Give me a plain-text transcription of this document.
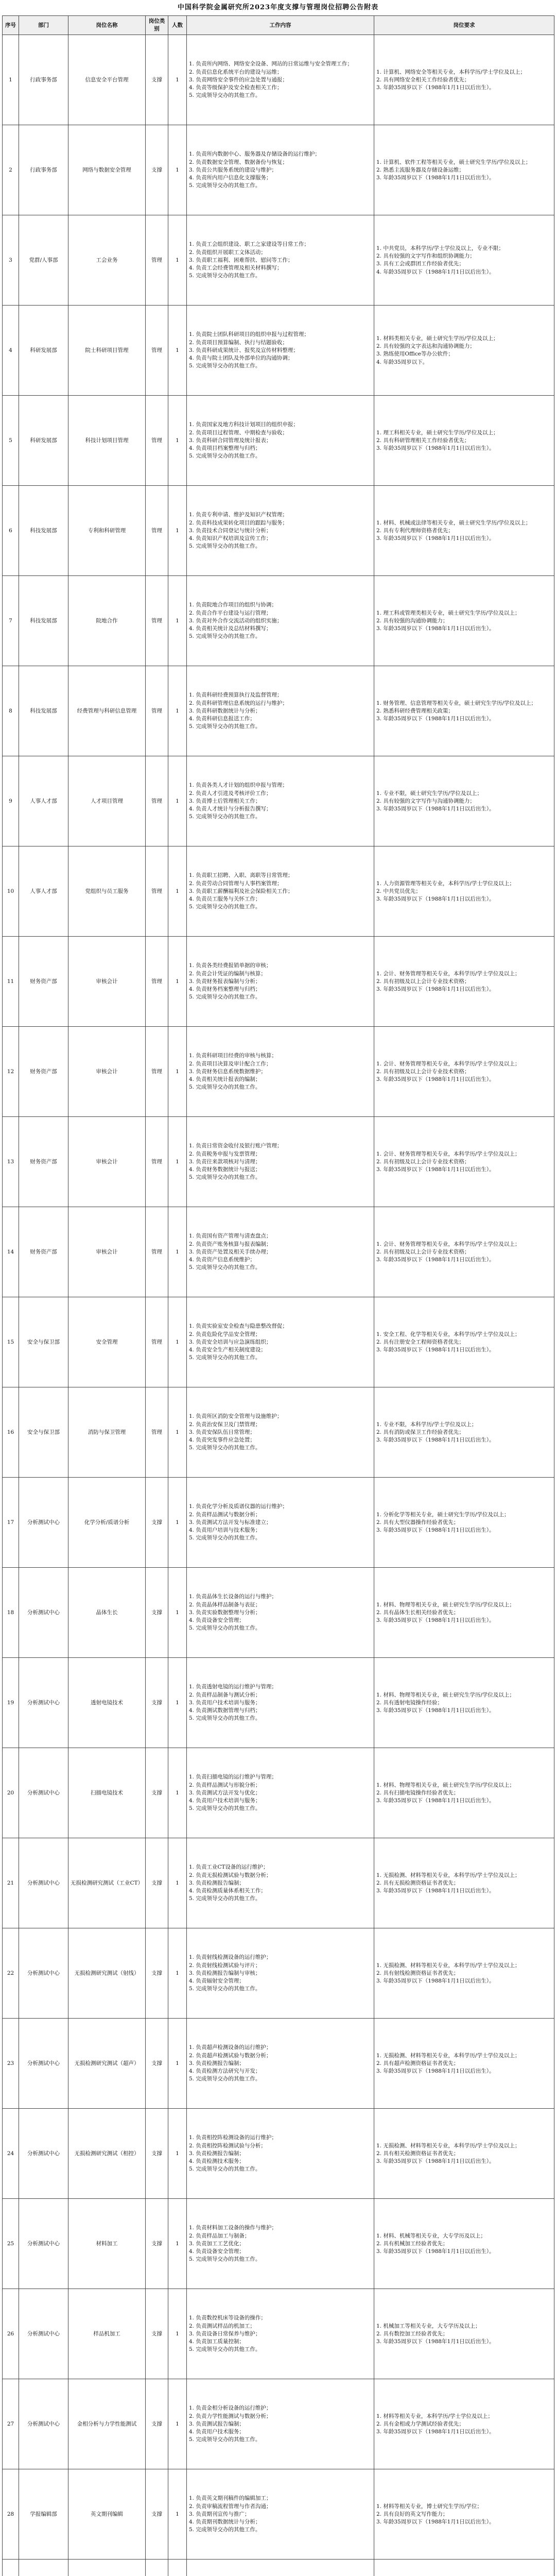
中国科学院金属研究所2023年度支撑与管理岗位招聘公告附表
序号	部门	岗位名称	岗位类别	人数	工作内容	岗位要求
1	行政事务部	信息安全平台管理	支撑	1	1. 负责所内网络、网络安全设备、网站的日常运维与安全管理工作；
2. 负责信息化系统平台的建设与运维；
3. 负责网络安全事件的应急处置与通报；
4. 负责等级保护及安全检查相关工作；
5. 完成领导交办的其他工作。	1. 计算机、网络安全等相关专业，本科学历/学士学位及以上；
2. 具有网络安全相关工作经验者优先；
3. 年龄35周岁以下（1988年1月1日以后出生）。
2	行政事务部	网络与数据安全管理	支撑	1	1. 负责所内数据中心、服务器及存储设备的运行维护；
2. 负责数据安全管理、数据备份与恢复；
3. 负责公共服务系统的建设与维护；
4. 负责所内用户信息化支撑服务；
5. 完成领导交办的其他工作。	1. 计算机、软件工程等相关专业，硕士研究生学历/学位及以上；
2. 熟悉主流服务器及存储设备运维；
3. 年龄35周岁以下（1988年1月1日以后出生）。
3	党群/人事部	工会业务	管理	1	1. 负责工会组织建设、职工之家建设等日常工作；
2. 负责组织开展职工文体活动；
3. 负责职工福利、困难帮扶、慰问等工作；
4. 负责工会经费管理及相关材料撰写；
5. 完成领导交办的其他工作。	1. 中共党员，本科学历/学士学位及以上，专业不限；
2. 具有较强的文字写作和组织协调能力；
3. 具有工会或群团工作经验者优先；
4. 年龄35周岁以下（1988年1月1日以后出生）。
4	科研发展部	院士科研项目管理	管理	1	1. 负责院士团队科研项目的组织申报与过程管理；
2. 负责项目预算编制、执行与结题验收；
3. 负责科研成果统计、报奖及宣传材料整理；
4. 负责与院士团队及外部单位的沟通协调；
5. 完成领导交办的其他工作。	1. 材料类相关专业，硕士研究生学历/学位及以上；
2. 具有较强的文字表达和沟通协调能力；
3. 熟练使用Office等办公软件；
4. 年龄35周岁以下。
5	科研发展部	科技计划项目管理	管理	1	1. 负责国家及地方科技计划项目的组织申报；
2. 负责项目过程管理、中期检查与验收；
3. 负责科研合同管理及统计报表；
4. 负责项目档案整理与归档；
5. 完成领导交办的其他工作。	1. 理工科相关专业，硕士研究生学历/学位及以上；
2. 具有科研管理相关工作经验者优先；
3. 年龄35周岁以下（1988年1月1日以后出生）。
6	科技发展部	专利和科研管理	管理	1	1. 负责专利申请、维护及知识产权管理；
2. 负责科技成果转化项目的跟踪与服务；
3. 负责技术合同登记与统计分析；
4. 负责知识产权培训及宣传工作；
5. 完成领导交办的其他工作。	1. 材料、机械或法律等相关专业，硕士研究生学历/学位及以上；
2. 具有专利代理师资格者优先；
3. 年龄35周岁以下（1988年1月1日以后出生）。
7	科技发展部	院地合作	管理	1	1. 负责院地合作项目的组织与协调；
2. 负责合作平台建设与运行管理；
3. 负责对外合作交流活动的组织实施；
4. 负责相关统计及总结材料撰写；
5. 完成领导交办的其他工作。	1. 理工科或管理类相关专业，硕士研究生学历/学位及以上；
2. 具有较强的沟通协调能力；
3. 年龄35周岁以下（1988年1月1日以后出生）。
8	科技发展部	经费管理与科研信息管理	管理	1	1. 负责科研经费预算执行及监督管理；
2. 负责科研管理信息系统的运行与维护；
3. 负责科研数据统计与分析；
4. 负责科研信息报送工作；
5. 完成领导交办的其他工作。	1. 财务管理、信息管理等相关专业，硕士研究生学历/学位及以上；
2. 熟悉科研经费管理相关政策；
3. 年龄35周岁以下（1988年1月1日以后出生）。
9	人事人才部	人才项目管理	管理	1	1. 负责各类人才计划的组织申报与管理；
2. 负责人才引进及考核评价工作；
3. 负责博士后管理相关工作；
4. 负责人才统计与分析报告撰写；
5. 完成领导交办的其他工作。	1. 专业不限，硕士研究生学历/学位及以上；
2. 具有较强的文字写作与沟通协调能力；
3. 年龄35周岁以下（1988年1月1日以后出生）。
10	人事人才部	党组织与员工服务	管理	1	1. 负责职工招聘、入职、离职等日常管理；
2. 负责劳动合同管理与人事档案管理；
3. 负责职工薪酬福利及社会保险相关工作；
4. 负责员工服务与关怀工作；
5. 完成领导交办的其他工作。	1. 人力资源管理等相关专业，本科学历/学士学位及以上；
2. 中共党员优先；
3. 年龄35周岁以下（1988年1月1日以后出生）。
11	财务资产部	审核会计	管理	1	1. 负责各类经费报销单据的审核；
2. 负责会计凭证的编制与核算；
3. 负责财务报表编制与分析；
4. 负责财务档案整理与归档；
5. 完成领导交办的其他工作。	1. 会计、财务管理等相关专业，本科学历/学士学位及以上；
2. 具有初级及以上会计专业技术资格；
3. 年龄35周岁以下（1988年1月1日以后出生）。
12	财务资产部	审核会计	管理	1	1. 负责科研项目经费的审核与核算；
2. 负责项目决算及审计配合工作；
3. 负责财务信息系统数据维护；
4. 负责相关统计报表的编制；
5. 完成领导交办的其他工作。	1. 会计、财务管理等相关专业，本科学历/学士学位及以上；
2. 具有初级及以上会计专业技术资格；
3. 年龄35周岁以下（1988年1月1日以后出生）。
13	财务资产部	审核会计	管理	1	1. 负责日常资金收付及银行账户管理；
2. 负责税务申报与发票管理；
3. 负责往来款项核对与清理；
4. 负责财务数据统计与报送；
5. 完成领导交办的其他工作。	1. 会计、财务管理等相关专业，本科学历/学士学位及以上；
2. 具有初级及以上会计专业技术资格；
3. 年龄35周岁以下（1988年1月1日以后出生）。
14	财务资产部	审核会计	管理	1	1. 负责国有资产管理与清查盘点；
2. 负责资产账务核算与报表编制；
3. 负责资产处置及相关手续办理；
4. 负责资产信息系统维护；
5. 完成领导交办的其他工作。	1. 会计、财务管理等相关专业，本科学历/学士学位及以上；
2. 具有初级及以上会计专业技术资格；
3. 年龄35周岁以下（1988年1月1日以后出生）。
15	安全与保卫部	安全管理	管理	1	1. 负责实验室安全检查与隐患整改督促；
2. 负责危险化学品安全管理；
3. 负责安全培训与应急演练组织；
4. 负责安全生产相关制度建设；
5. 完成领导交办的其他工作。	1. 安全工程、化学等相关专业，本科学历/学士学位及以上；
2. 具有注册安全工程师资格者优先；
3. 年龄35周岁以下（1988年1月1日以后出生）。
16	安全与保卫部	消防与保卫管理	管理	1	1. 负责所区消防安全管理与设施维护；
2. 负责治安保卫及门禁管理；
3. 负责安保队伍日常管理；
4. 负责突发事件应急处置；
5. 完成领导交办的其他工作。	1. 专业不限，本科学历/学士学位及以上；
2. 具有消防或保卫工作经验者优先；
3. 年龄35周岁以下（1988年1月1日以后出生）。
17	分析测试中心	化学分析/质谱分析	支撑	1	1. 负责化学分析及质谱仪器的运行维护；
2. 负责样品测试与数据分析；
3. 负责测试方法开发与标准建立；
4. 负责用户培训与技术服务；
5. 完成领导交办的其他工作。	1. 分析化学等相关专业，硕士研究生学历/学位及以上；
2. 具有大型仪器操作经验者优先；
3. 年龄35周岁以下（1988年1月1日以后出生）。
18	分析测试中心	晶体生长	支撑	1	1. 负责晶体生长设备的运行与维护；
2. 负责晶体样品制备与表征；
3. 负责实验数据整理与分析；
4. 负责设备安全管理；
5. 完成领导交办的其他工作。	1. 材料、物理等相关专业，硕士研究生学历/学位及以上；
2. 具有晶体生长相关经验者优先；
3. 年龄35周岁以下（1988年1月1日以后出生）。
19	分析测试中心	透射电镜技术	支撑	1	1. 负责透射电镜的运行维护与管理；
2. 负责样品制备与测试分析；
3. 负责用户技术培训与服务；
4. 负责测试数据管理与归档；
5. 完成领导交办的其他工作。	1. 材料、物理等相关专业，硕士研究生学历/学位及以上；
2. 具有透射电镜操作经验；
3. 年龄35周岁以下（1988年1月1日以后出生）。
20	分析测试中心	扫描电镜技术	支撑	1	1. 负责扫描电镜的运行维护与管理；
2. 负责样品测试与形貌分析；
3. 负责测试方法开发与优化；
4. 负责用户技术培训与服务；
5. 完成领导交办的其他工作。	1. 材料、物理等相关专业，硕士研究生学历/学位及以上；
2. 具有扫描电镜操作经验者优先；
3. 年龄35周岁以下（1988年1月1日以后出生）。
21	分析测试中心	无损检测研究测试（工业CT）	支撑	1	1. 负责工业CT设备的运行维护；
2. 负责无损检测试验与数据分析；
3. 负责检测报告编制；
4. 负责检测质量体系相关工作；
5. 完成领导交办的其他工作。	1. 无损检测、材料等相关专业，本科学历/学士学位及以上；
2. 具有无损检测资格证书者优先；
3. 年龄35周岁以下（1988年1月1日以后出生）。
22	分析测试中心	无损检测研究测试（射线）	支撑	1	1. 负责射线检测设备的运行维护；
2. 负责射线检测试验与评片；
3. 负责检测报告编制与审核；
4. 负责辐射安全管理；
5. 完成领导交办的其他工作。	1. 无损检测、材料等相关专业，本科学历/学士学位及以上；
2. 具有射线检测资格证书者优先；
3. 年龄35周岁以下（1988年1月1日以后出生）。
23	分析测试中心	无损检测研究测试（超声）	支撑	1	1. 负责超声检测设备的运行维护；
2. 负责超声检测试验与数据分析；
3. 负责检测报告编制；
4. 负责检测方法研究与开发；
5. 完成领导交办的其他工作。	1. 无损检测、材料等相关专业，本科学历/学士学位及以上；
2. 具有超声检测资格证书者优先；
3. 年龄35周岁以下（1988年1月1日以后出生）。
24	分析测试中心	无损检测研究测试（相控）	支撑	1	1. 负责相控阵检测设备的运行维护；
2. 负责相控阵检测试验与分析；
3. 负责检测报告编制；
4. 负责检测技术服务；
5. 完成领导交办的其他工作。	1. 无损检测、材料等相关专业，本科学历/学士学位及以上；
2. 具有相关检测资格证书者优先；
3. 年龄35周岁以下（1988年1月1日以后出生）。
25	分析测试中心	材料加工	支撑	1	1. 负责材料加工设备的操作与维护；
2. 负责样品加工与制备；
3. 负责加工工艺优化；
4. 负责设备安全管理；
5. 完成领导交办的其他工作。	1. 材料、机械等相关专业，大专学历及以上；
2. 具有机械加工经验者优先；
3. 年龄35周岁以下（1988年1月1日以后出生）。
26	分析测试中心	样品机加工	支撑	1	1. 负责数控机床等设备的操作；
2. 负责测试样品的机加工；
3. 负责设备日常保养与维护；
4. 负责加工质量控制；
5. 完成领导交办的其他工作。	1. 机械加工等相关专业，大专学历及以上；
2. 具有数控加工经验者优先；
3. 年龄35周岁以下（1988年1月1日以后出生）。
27	分析测试中心	金相分析与力学性能测试	支撑	1	1. 负责金相分析设备的运行维护；
2. 负责力学性能测试与数据分析；
3. 负责测试报告编制；
4. 负责用户技术服务；
5. 完成领导交办的其他工作。	1. 材料等相关专业，本科学历/学士学位及以上；
2. 具有金相或力学测试经验者优先；
3. 年龄35周岁以下（1988年1月1日以后出生）。
28	学报编辑部	英文期刊编辑	支撑	1	1. 负责英文期刊稿件的编辑加工；
2. 负责审稿流程管理与作者沟通；
3. 负责期刊宣传与推广；
4. 负责期刊数据统计与分析；
5. 完成领导交办的其他工作。	1. 材料等相关专业，博士研究生学历/学位；
2. 具有良好的英文写作能力；
3. 年龄35周岁以下（1988年1月1日以后出生）。
